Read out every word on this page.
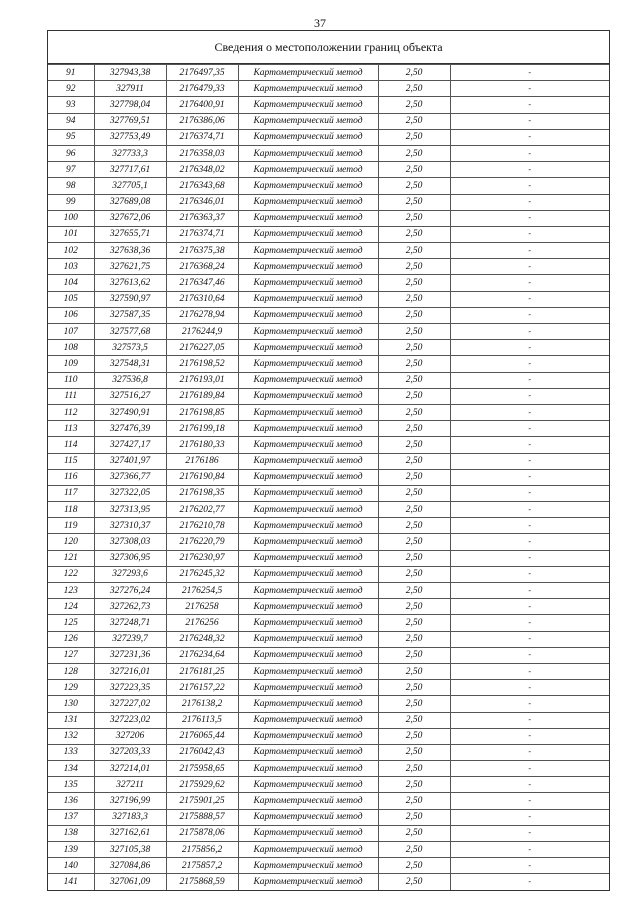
37
Сведения о местоположении границ объекта
91	327943,38	2176497,35	Картометрический метод	2,50	-
92	327911	2176479,33	Картометрический метод	2,50	-
93	327798,04	2176400,91	Картометрический метод	2,50	-
94	327769,51	2176386,06	Картометрический метод	2,50	-
95	327753,49	2176374,71	Картометрический метод	2,50	-
96	327733,3	2176358,03	Картометрический метод	2,50	-
97	327717,61	2176348,02	Картометрический метод	2,50	-
98	327705,1	2176343,68	Картометрический метод	2,50	-
99	327689,08	2176346,01	Картометрический метод	2,50	-
100	327672,06	2176363,37	Картометрический метод	2,50	-
101	327655,71	2176374,71	Картометрический метод	2,50	-
102	327638,36	2176375,38	Картометрический метод	2,50	-
103	327621,75	2176368,24	Картометрический метод	2,50	-
104	327613,62	2176347,46	Картометрический метод	2,50	-
105	327590,97	2176310,64	Картометрический метод	2,50	-
106	327587,35	2176278,94	Картометрический метод	2,50	-
107	327577,68	2176244,9	Картометрический метод	2,50	-
108	327573,5	2176227,05	Картометрический метод	2,50	-
109	327548,31	2176198,52	Картометрический метод	2,50	-
110	327536,8	2176193,01	Картометрический метод	2,50	-
111	327516,27	2176189,84	Картометрический метод	2,50	-
112	327490,91	2176198,85	Картометрический метод	2,50	-
113	327476,39	2176199,18	Картометрический метод	2,50	-
114	327427,17	2176180,33	Картометрический метод	2,50	-
115	327401,97	2176186	Картометрический метод	2,50	-
116	327366,77	2176190,84	Картометрический метод	2,50	-
117	327322,05	2176198,35	Картометрический метод	2,50	-
118	327313,95	2176202,77	Картометрический метод	2,50	-
119	327310,37	2176210,78	Картометрический метод	2,50	-
120	327308,03	2176220,79	Картометрический метод	2,50	-
121	327306,95	2176230,97	Картометрический метод	2,50	-
122	327293,6	2176245,32	Картометрический метод	2,50	-
123	327276,24	2176254,5	Картометрический метод	2,50	-
124	327262,73	2176258	Картометрический метод	2,50	-
125	327248,71	2176256	Картометрический метод	2,50	-
126	327239,7	2176248,32	Картометрический метод	2,50	-
127	327231,36	2176234,64	Картометрический метод	2,50	-
128	327216,01	2176181,25	Картометрический метод	2,50	-
129	327223,35	2176157,22	Картометрический метод	2,50	-
130	327227,02	2176138,2	Картометрический метод	2,50	-
131	327223,02	2176113,5	Картометрический метод	2,50	-
132	327206	2176065,44	Картометрический метод	2,50	-
133	327203,33	2176042,43	Картометрический метод	2,50	-
134	327214,01	2175958,65	Картометрический метод	2,50	-
135	327211	2175929,62	Картометрический метод	2,50	-
136	327196,99	2175901,25	Картометрический метод	2,50	-
137	327183,3	2175888,57	Картометрический метод	2,50	-
138	327162,61	2175878,06	Картометрический метод	2,50	-
139	327105,38	2175856,2	Картометрический метод	2,50	-
140	327084,86	2175857,2	Картометрический метод	2,50	-
141	327061,09	2175868,59	Картометрический метод	2,50	-
